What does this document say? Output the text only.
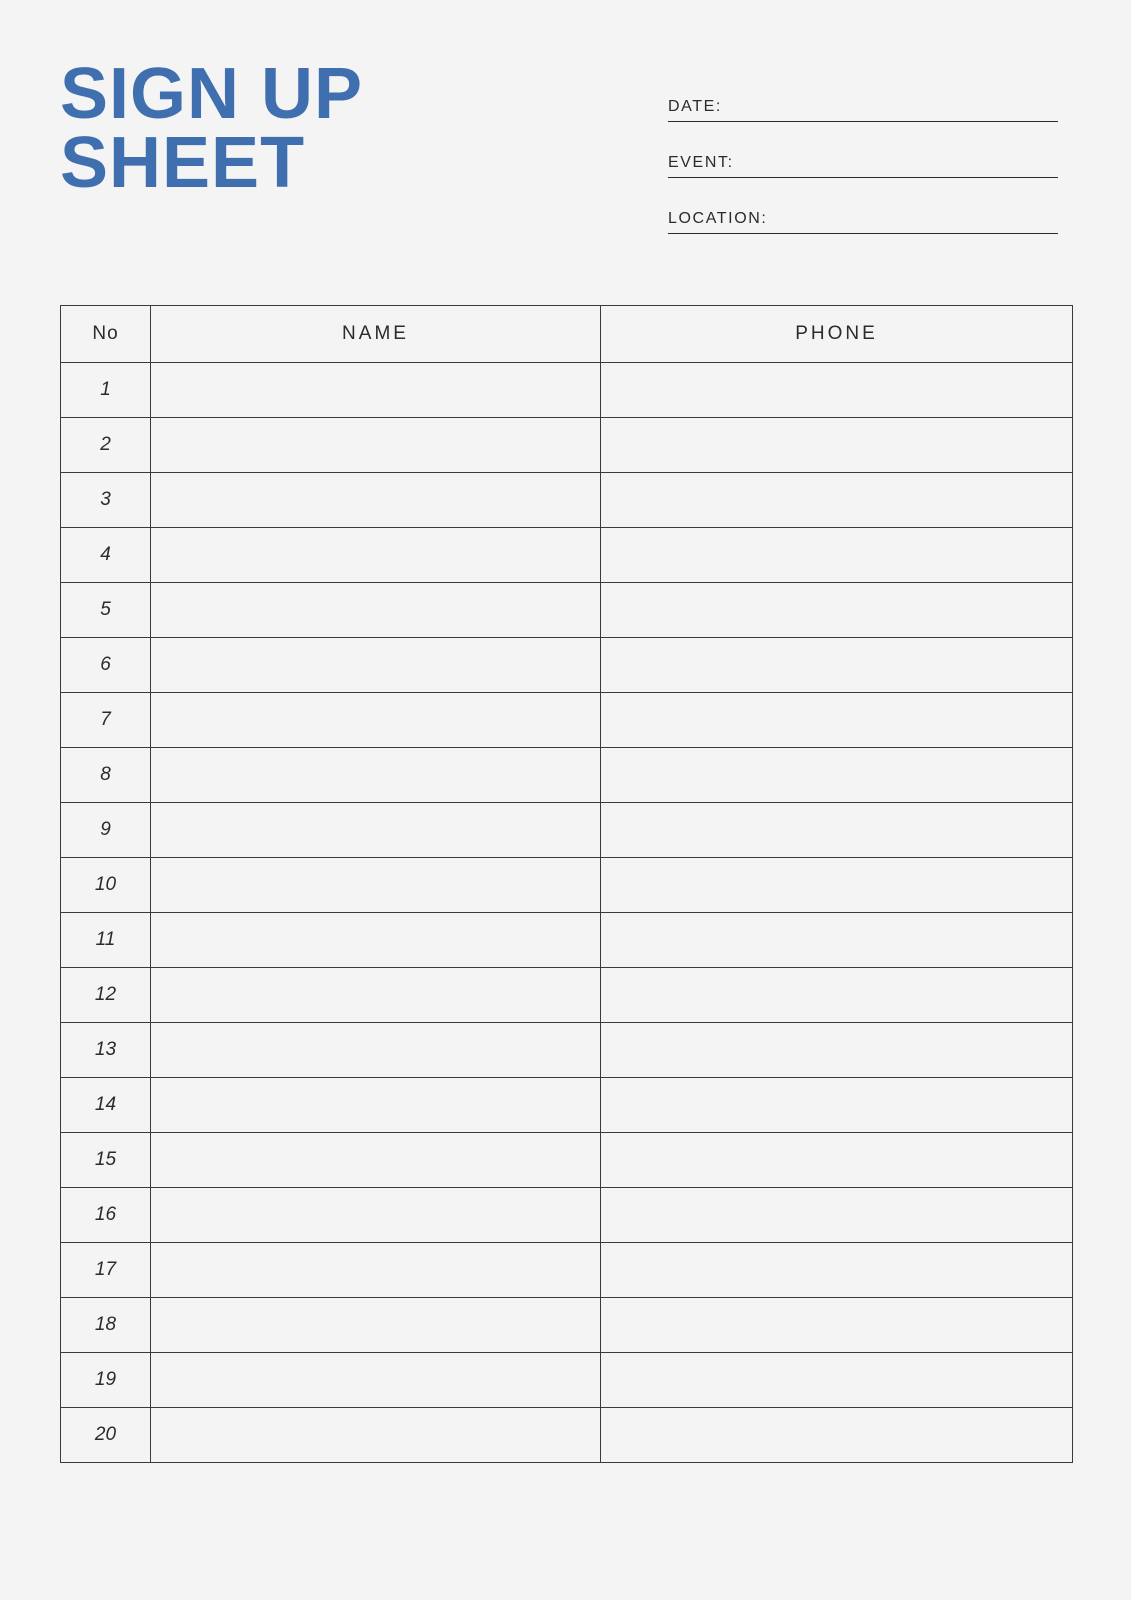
SIGN UP
SHEET
DATE:
EVENT:
LOCATION:
No	NAME	PHONE
1		
2		
3		
4		
5		
6		
7		
8		
9		
10		
11		
12		
13		
14		
15		
16		
17		
18		
19		
20		
